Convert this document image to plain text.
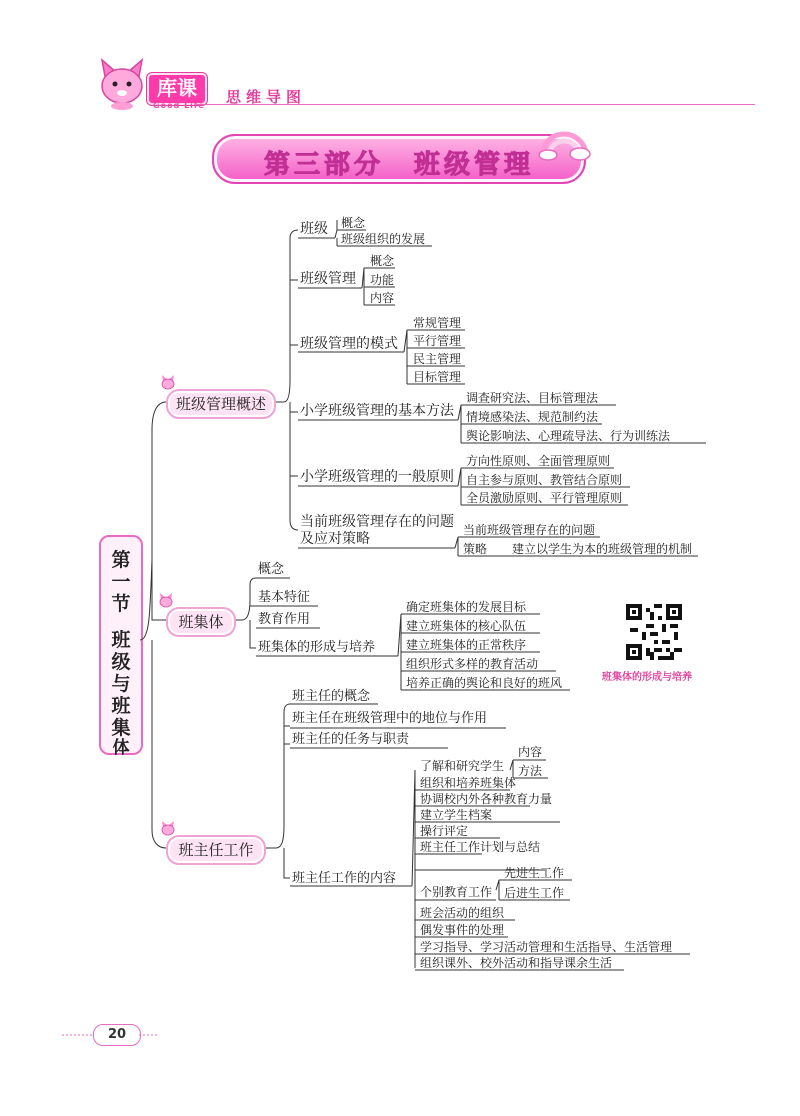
库课
Good Life 思维导图
第三部分　班级管理
第
一
节
班
级
与
班
集
体
班级管理概述
班集体
班主任工作
班级 概念
班级组织的发展
班级管理
概念
功能
内容
班级管理的模式
常规管理
平行管理
民主管理
目标管理
小学班级管理的基本方法
调查研究法、目标管理法
情境感染法、规范制约法
舆论影响法、心理疏导法、行为训练法
小学班级管理的一般原则
方向性原则、全面管理原则
自主参与原则、教管结合原则
全员激励原则、平行管理原则
当前班级管理存在的问题
及应对策略
当前班级管理存在的问题
策略 建立以学生为本的班级管理的机制
概念
基本特征
教育作用
班集体的形成与培养
确定班集体的发展目标
建立班集体的核心队伍
建立班集体的正常秩序
组织形式多样的教育活动
培养正确的舆论和良好的班风	班集体的形成与培养
班主任的概念
班主任在班级管理中的地位与作用
班主任的任务与职责
班主任工作的内容
了解和研究学生
内容
方法
组织和培养班集体
协调校内外各种教育力量
建立学生档案
操行评定
班主任工作计划与总结
个别教育工作
先进生工作
后进生工作
班会活动的组织
偶发事件的处理
学习指导、学习活动管理和生活指导、生活管理
组织课外、校外活动和指导课余生活
20
